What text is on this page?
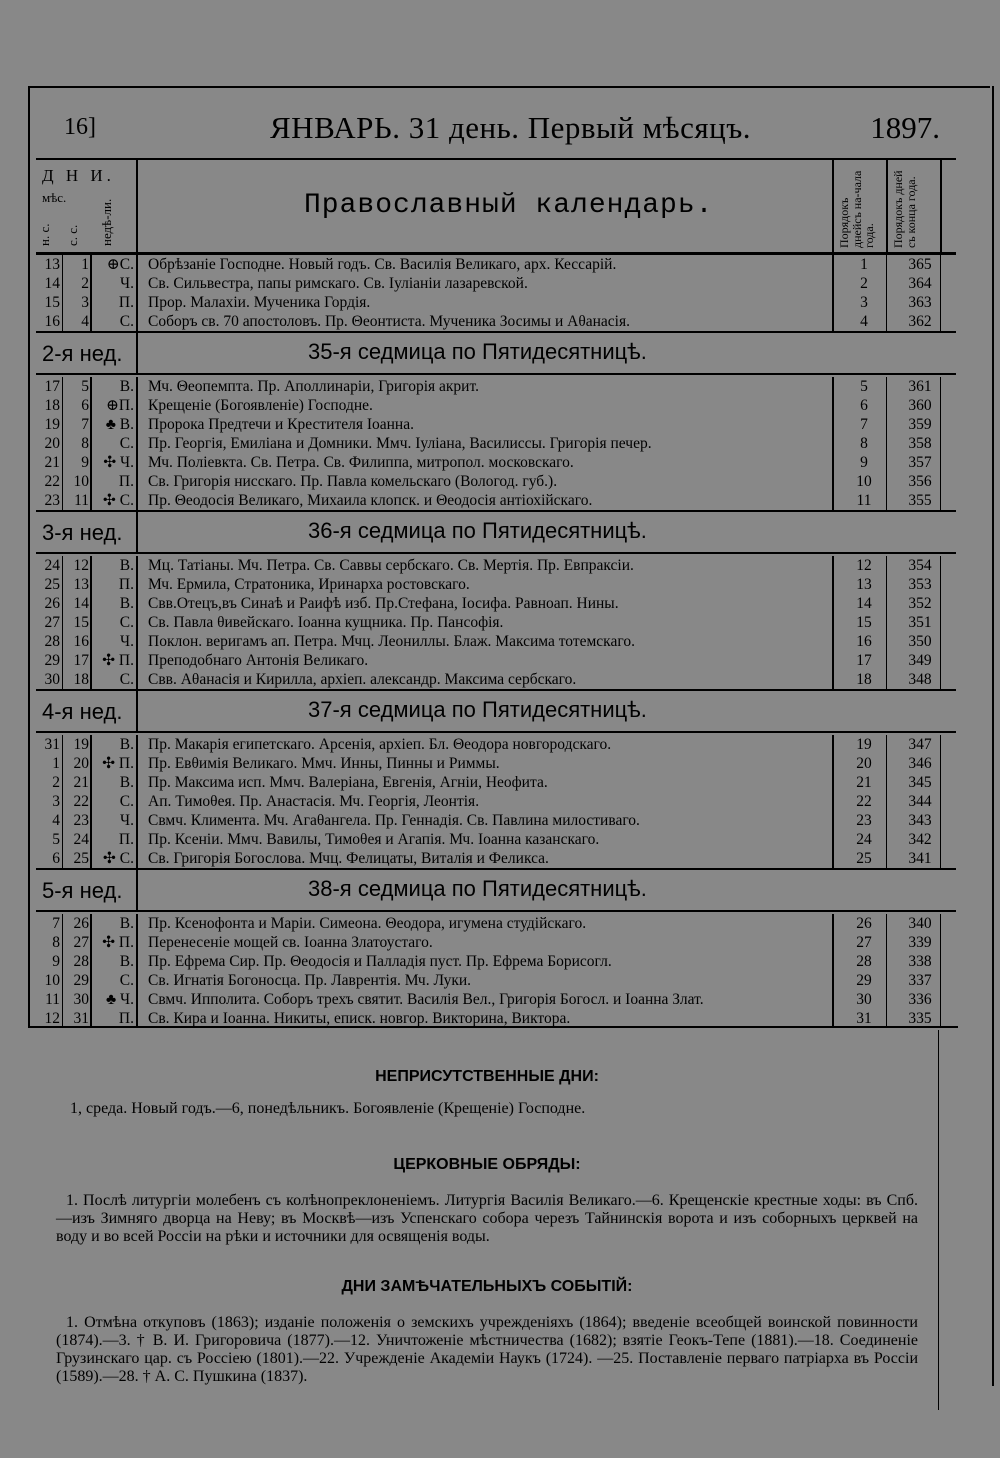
16]	ЯНВАРЬ. 31 день. Первый мѣсяцъ.	1897.
Д Н И.
мѣс.
н. с. с. с. недѣ-ли.	Православный календарь.	Порядокъ днейсъ на-чала года. Порядокъ дней съ конца года.
13	1	⊕С. Обрѣзаніе Господне. Новый годъ. Св. Василія Великаго, арх. Кессарій.	1	365
14	2	Ч. Св. Сильвестра, папы римскаго. Св. Іуліаніи лазаревской.	2	364
15	3	П. Прор. Малахіи. Мученика Гордія.	3	363
16	4	С. Соборъ св. 70 апостоловъ. Пр. Θеонтиста. Мученика Зосимы и Аθанасія.	4	362
2-я нед.	35-я седмица по Пятидесятницѣ.
17	5	В. Мч. Θеопемпта. Пр. Аполлинаріи, Григорія акрит.	5	361
18	6	⊕П. Крещеніе (Богоявленіе) Господне.	6	360
19	7	♣ В. Пророка Предтечи и Крестителя Іоанна.	7	359
20	8	С. Пр. Георгія, Емиліана и Домники. Ммч. Іуліана, Василиссы. Григорія печер.	8	358
21	9 ✣ Ч. Мч. Поліевкта. Св. Петра. Св. Филиппа, митропол. московскаго.	9	357
22 10	П. Св. Григорія нисскаго. Пр. Павла комельскаго (Вологод. губ.).	10	356
23 11 ✣ С. Пр. Θеодосія Великаго, Михаила клопск. и Θеодосія антіохійскаго.	11	355
3-я нед.	36-я седмица по Пятидесятницѣ.
24 12	В. Мц. Татіаны. Мч. Петра. Св. Саввы сербскаго. Св. Мертія. Пр. Евпраксіи.	12	354
25 13	П. Мч. Ермила, Стратоника, Иринарха ростовскаго.	13	353
26 14	В. Свв.Отецъ,въ Синаѣ и Раифѣ изб. Пр.Стефана, Іосифа. Равноап. Нины.	14	352
27 15	С. Св. Павла θивейскаго. Іоанна кущника. Пр. Пансофія.	15	351
28 16	Ч. Поклон. веригамъ ап. Петра. Мчц. Леониллы. Блаж. Максима тотемскаго.	16	350
29 17 ✣ П. Преподобнаго Антонія Великаго.	17	349
30 18	С. Свв. Аθанасія и Кирилла, архіеп. александр. Максима сербскаго.	18	348
4-я нед.	37-я седмица по Пятидесятницѣ.
31 19	В. Пр. Макарія египетскаго. Арсенія, архіеп. Бл. Θеодора новгородскаго.	19	347
1 20 ✣ П. Пр. Евθимія Великаго. Ммч. Инны, Пинны и Риммы.	20	346
2 21	В. Пр. Максима исп. Ммч. Валеріана, Евгенія, Агніи, Неофита.	21	345
3 22	С. Ап. Тимоθея. Пр. Анастасія. Мч. Георгія, Леонтія.	22	344
4 23	Ч. Свмч. Климента. Мч. Агаθангела. Пр. Геннадія. Св. Павлина милостиваго.	23	343
5 24	П. Пр. Ксеніи. Ммч. Вавилы, Тимоθея и Агапія. Мч. Іоанна казанскаго.	24	342
6 25 ✣ С. Св. Григорія Богослова. Мчц. Фелицаты, Виталія и Феликса.	25	341
5-я нед.	38-я седмица по Пятидесятницѣ.
7 26	В. Пр. Ксенофонта и Маріи. Симеона. Θеодора, игумена студійскаго.	26	340
8 27 ✣ П. Перенесеніе мощей св. Іоанна Златоустаго.	27	339
9 28	В. Пр. Ефрема Сир. Пр. Θеодосія и Палладія пуст. Пр. Ефрема Борисогл.	28	338
10 29	С. Св. Игнатія Богоносца. Пр. Лаврентія. Мч. Луки.	29	337
11 30	♣ Ч. Свмч. Ипполита. Соборъ трехъ святит. Василія Вел., Григорія Богосл. и Іоанна Злат.	30	336
12 31	П. Св. Кира и Іоанна. Никиты, еписк. новгор. Викторина, Виктора.	31	335
НЕПРИСУТСТВЕННЫЕ ДНИ:
1, среда. Новый годъ.—6, понедѣльникъ. Богоявленіе (Крещеніе) Господне.
ЦЕРКОВНЫЕ ОБРЯДЫ:
1. Послѣ литургіи молебенъ съ колѣнопреклоненіемъ. Литургія Василія Великаго.—6. Крещенскіе крестные ходы: въ Спб.—изъ Зимняго дворца на Неву; въ Москвѣ—изъ Успенскаго собора черезъ Тайнинскія ворота и изъ соборныхъ церквей на воду и во всей Россіи на рѣки и источники для освященія воды.
ДНИ ЗАМѢЧАТЕЛЬНЫХЪ СОБЫТІЙ:
1. Отмѣна откуповъ (1863); изданіе положенія о земскихъ учрежденіяхъ (1864); введеніе всеобщей воинской повинности (1874).—3. † В. И. Григоровича (1877).—12. Уничтоженіе мѣстничества (1682); взятіе Геокъ-Тепе (1881).—18. Соединеніе Грузинскаго цар. съ Россіею (1801).—22. Учрежденіе Академіи Наукъ (1724). —25. Поставленіе перваго патріарха въ Россіи (1589).—28. † А. С. Пушкина (1837).
